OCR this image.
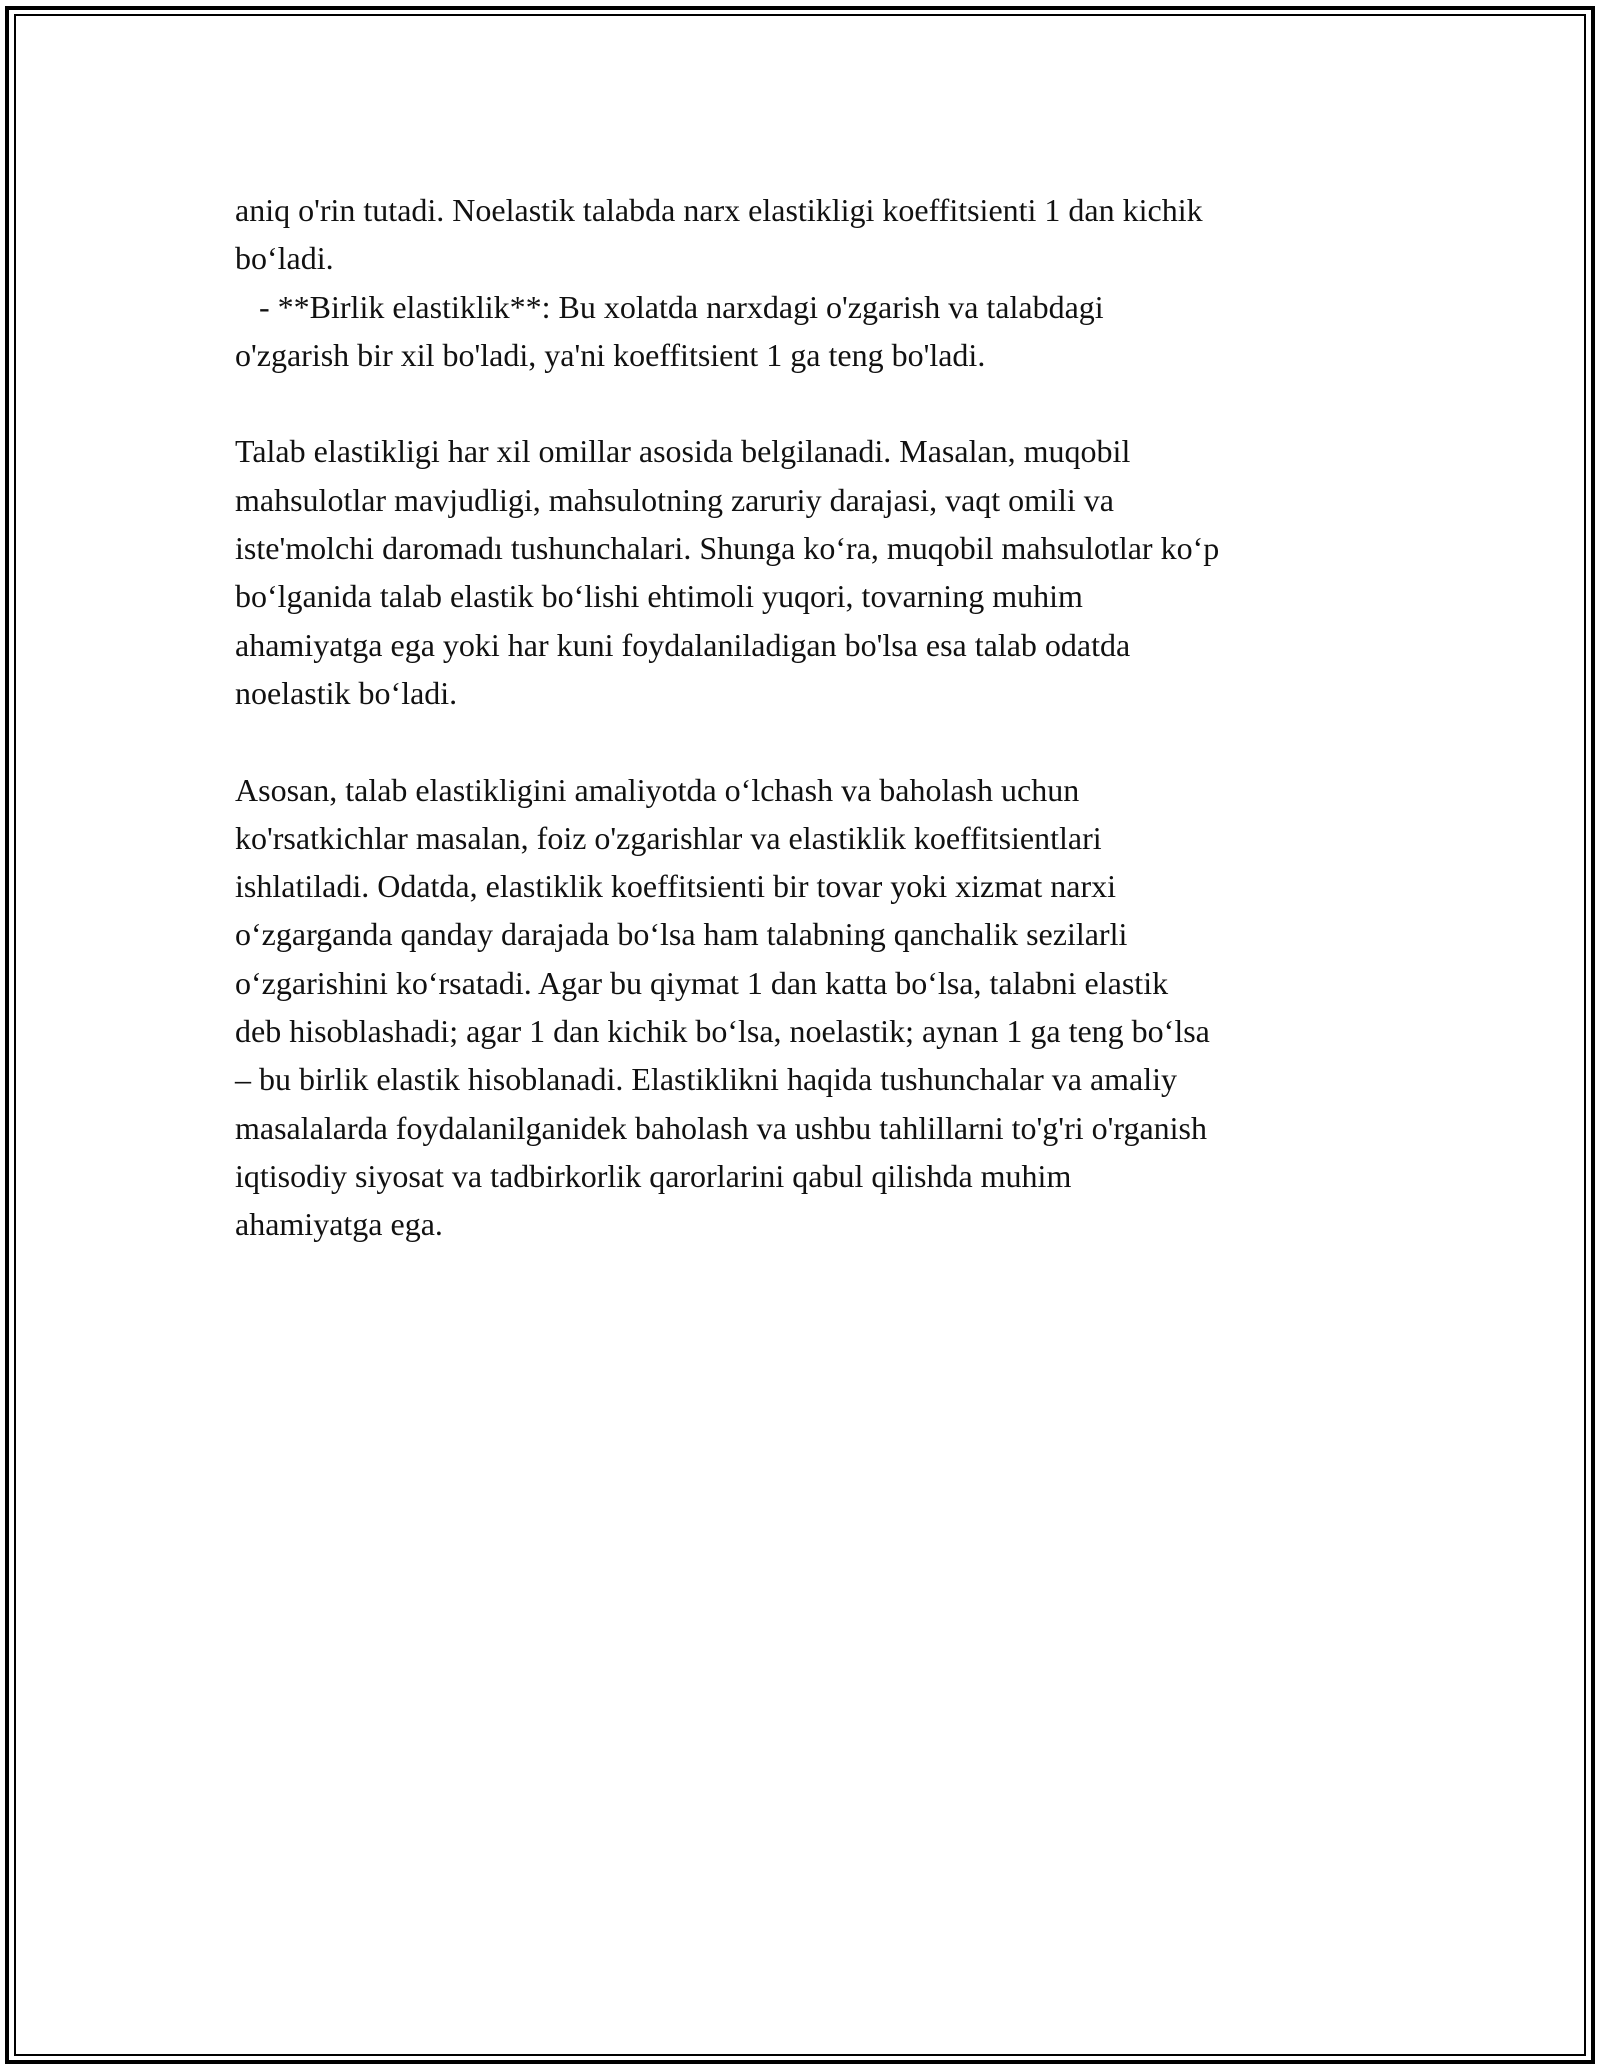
aniq o'rin tutadi. Noelastik talabda narx elastikligi koeffitsienti 1 dan kichik
bo‘ladi.
- **Birlik elastiklik**: Bu xolatda narxdagi o'zgarish va talabdagi
o'zgarish bir xil bo'ladi, ya'ni koeffitsient 1 ga teng bo'ladi.
Talab elastikligi har xil omillar asosida belgilanadi. Masalan, muqobil
mahsulotlar mavjudligi, mahsulotning zaruriy darajasi, vaqt omili va
iste'molchi daromadı tushunchalari. Shunga ko‘ra, muqobil mahsulotlar ko‘p
bo‘lganida talab elastik bo‘lishi ehtimoli yuqori, tovarning muhim
ahamiyatga ega yoki har kuni foydalaniladigan bo'lsa esa talab odatda
noelastik bo‘ladi.
Asosan, talab elastikligini amaliyotda o‘lchash va baholash uchun
ko'rsatkichlar masalan, foiz o'zgarishlar va elastiklik koeffitsientlari
ishlatiladi. Odatda, elastiklik koeffitsienti bir tovar yoki xizmat narxi
o‘zgarganda qanday darajada bo‘lsa ham talabning qanchalik sezilarli
o‘zgarishini ko‘rsatadi. Agar bu qiymat 1 dan katta bo‘lsa, talabni elastik
deb hisoblashadi; agar 1 dan kichik bo‘lsa, noelastik; aynan 1 ga teng bo‘lsa
– bu birlik elastik hisoblanadi. Elastiklikni haqida tushunchalar va amaliy
masalalarda foydalanilganidek baholash va ushbu tahlillarni to'g'ri o'rganish
iqtisodiy siyosat va tadbirkorlik qarorlarini qabul qilishda muhim
ahamiyatga ega.
